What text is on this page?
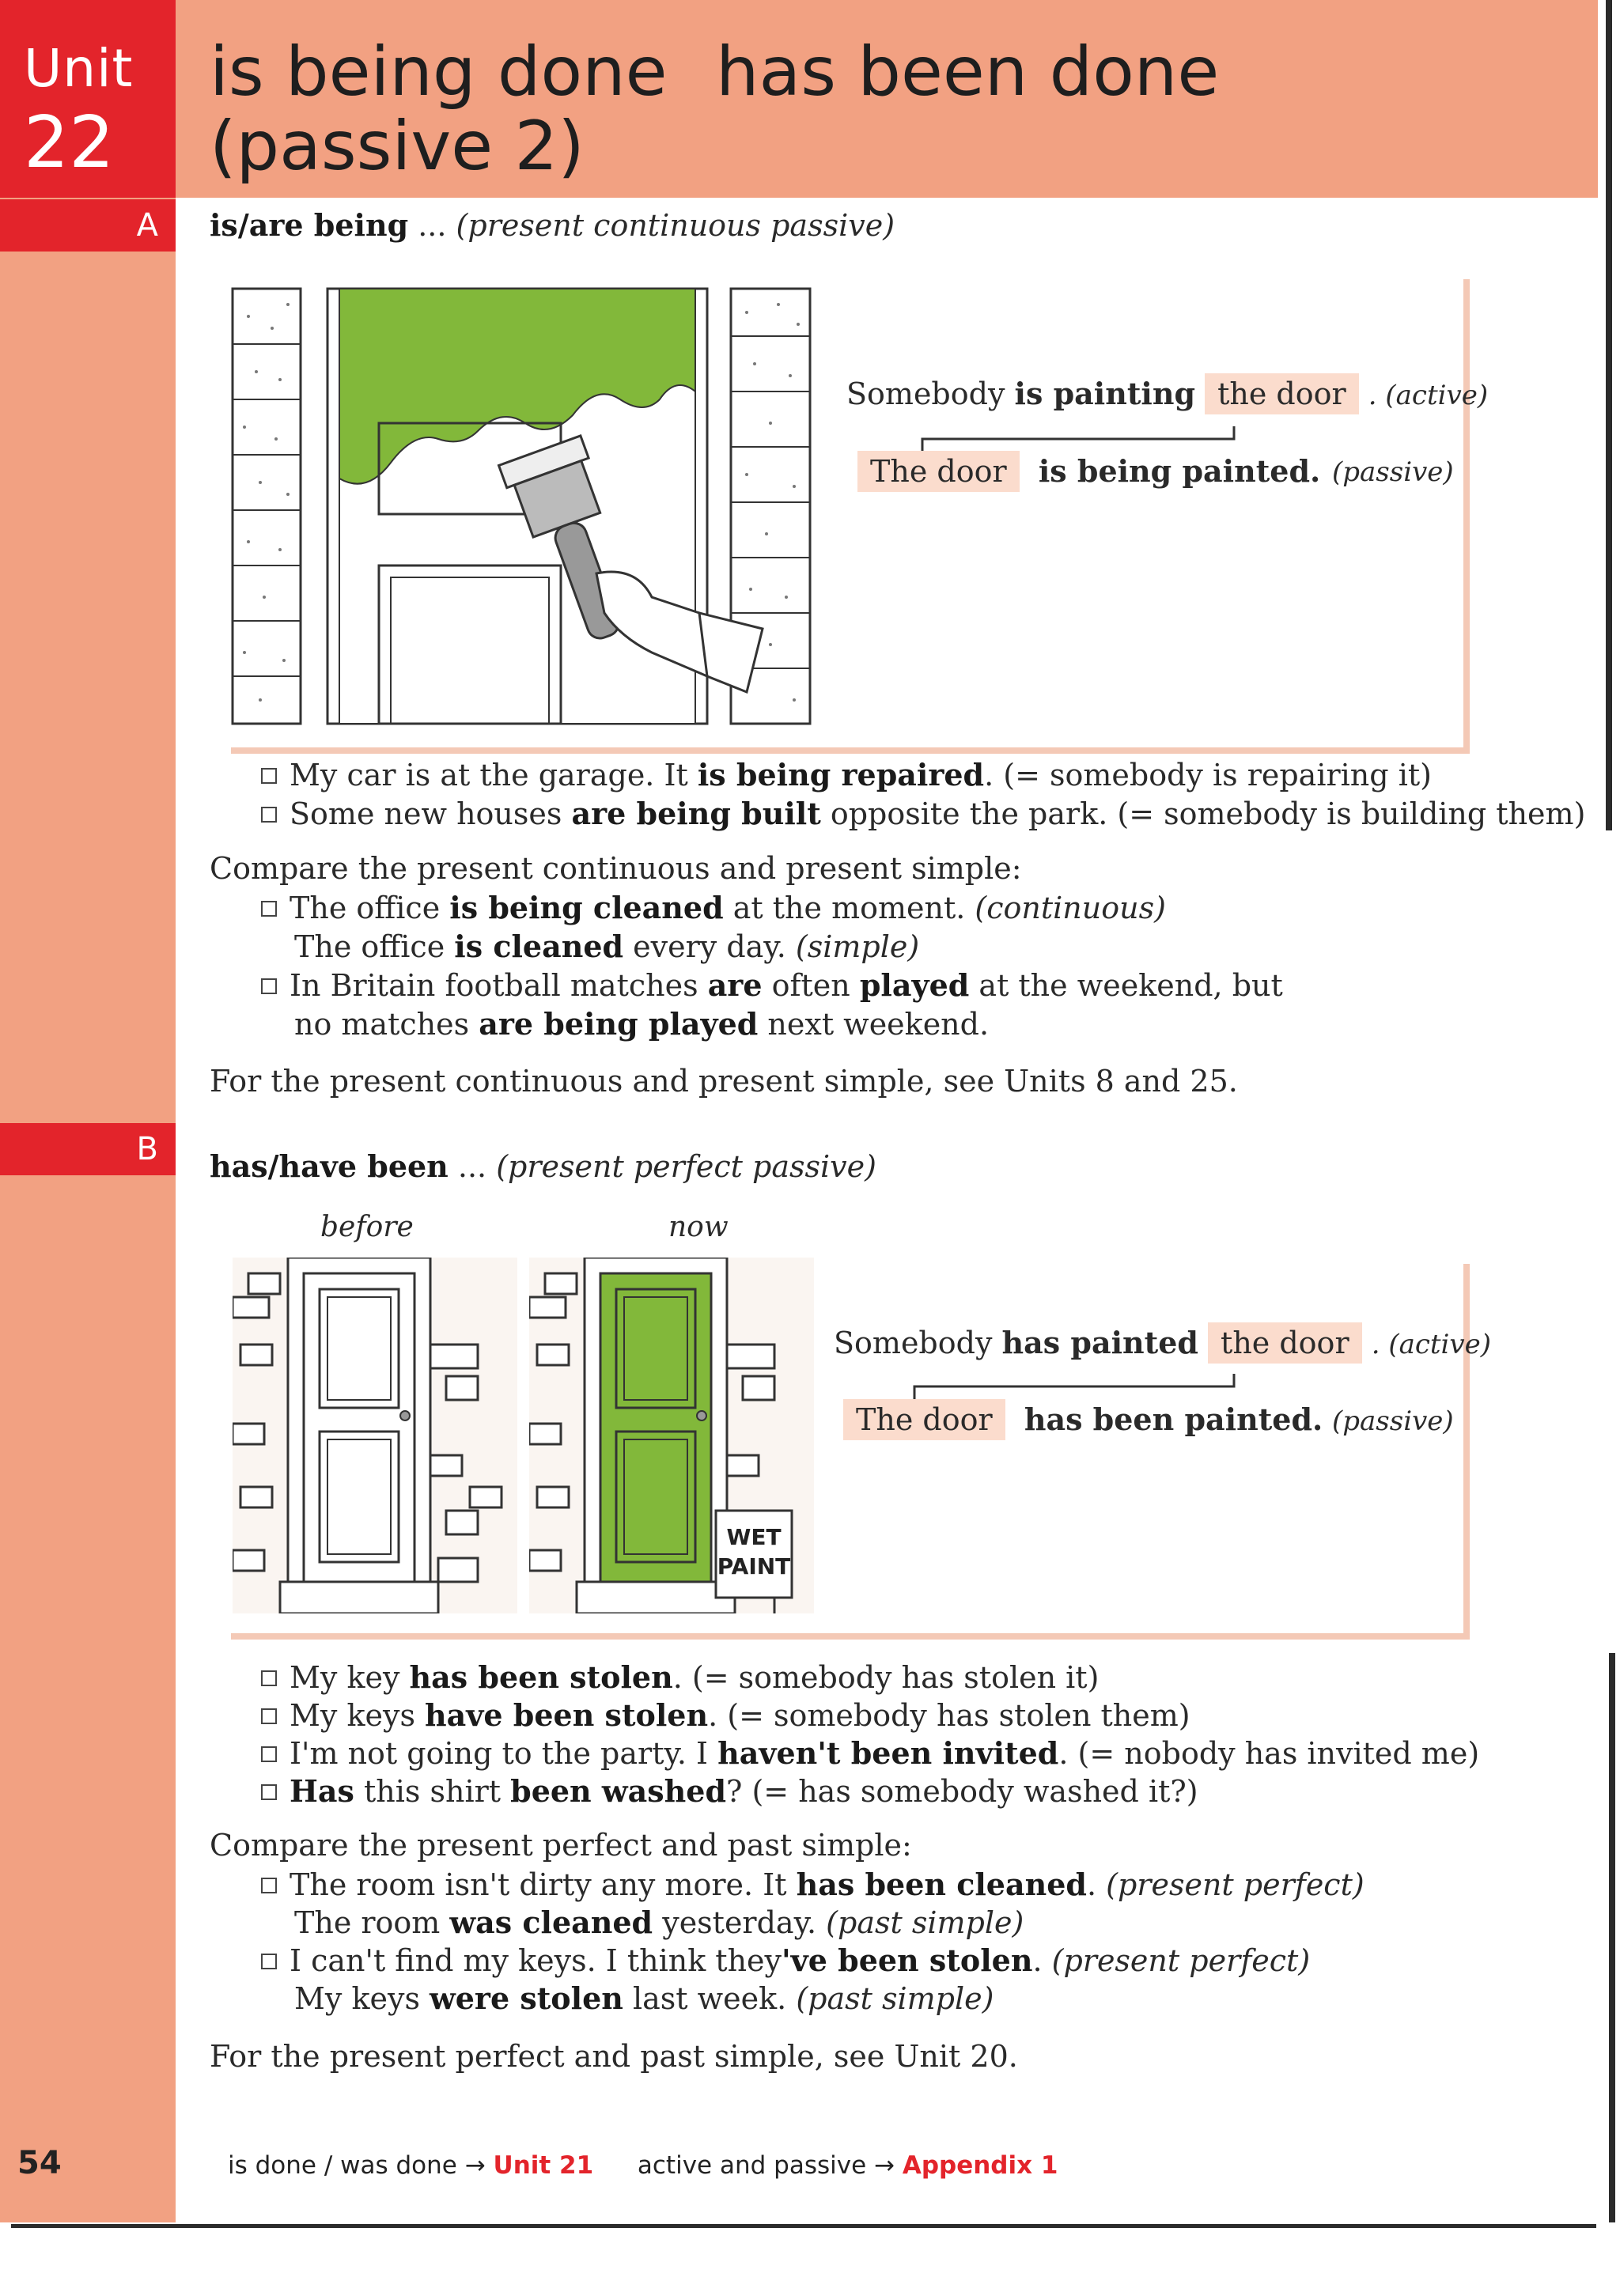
Unit
22
is being done
(passive 2)
has been done
A
B
is/are being ... (present continuous passive)
Somebody is painting the door . (active)
The door is being painted. (passive)
My car is at the garage. It is being repaired. (= somebody is repairing it)
Some new houses are being built opposite the park. (= somebody is building them)
Compare the present continuous and present simple:
The office is being cleaned at the moment. (continuous)
The office is cleaned every day. (simple)
In Britain football matches are often played at the weekend, but
no matches are being played next weekend.
For the present continuous and present simple, see Units 8 and 25.
has/have been ... (present perfect passive)
before	now
WET
PAINT
Somebody has painted the door . (active)
The door has been painted. (passive)
My key has been stolen. (= somebody has stolen it)
My keys have been stolen. (= somebody has stolen them)
I'm not going to the party. I haven't been invited. (= nobody has invited me)
Has this shirt been washed? (= has somebody washed it?)
Compare the present perfect and past simple:
The room isn't dirty any more. It has been cleaned. (present perfect)
The room was cleaned yesterday. (past simple)
I can't find my keys. I think they've been stolen. (present perfect)
My keys were stolen last week. (past simple)
For the present perfect and past simple, see Unit 20.
54	is done / was done → Unit 21 active and passive → Appendix 1
